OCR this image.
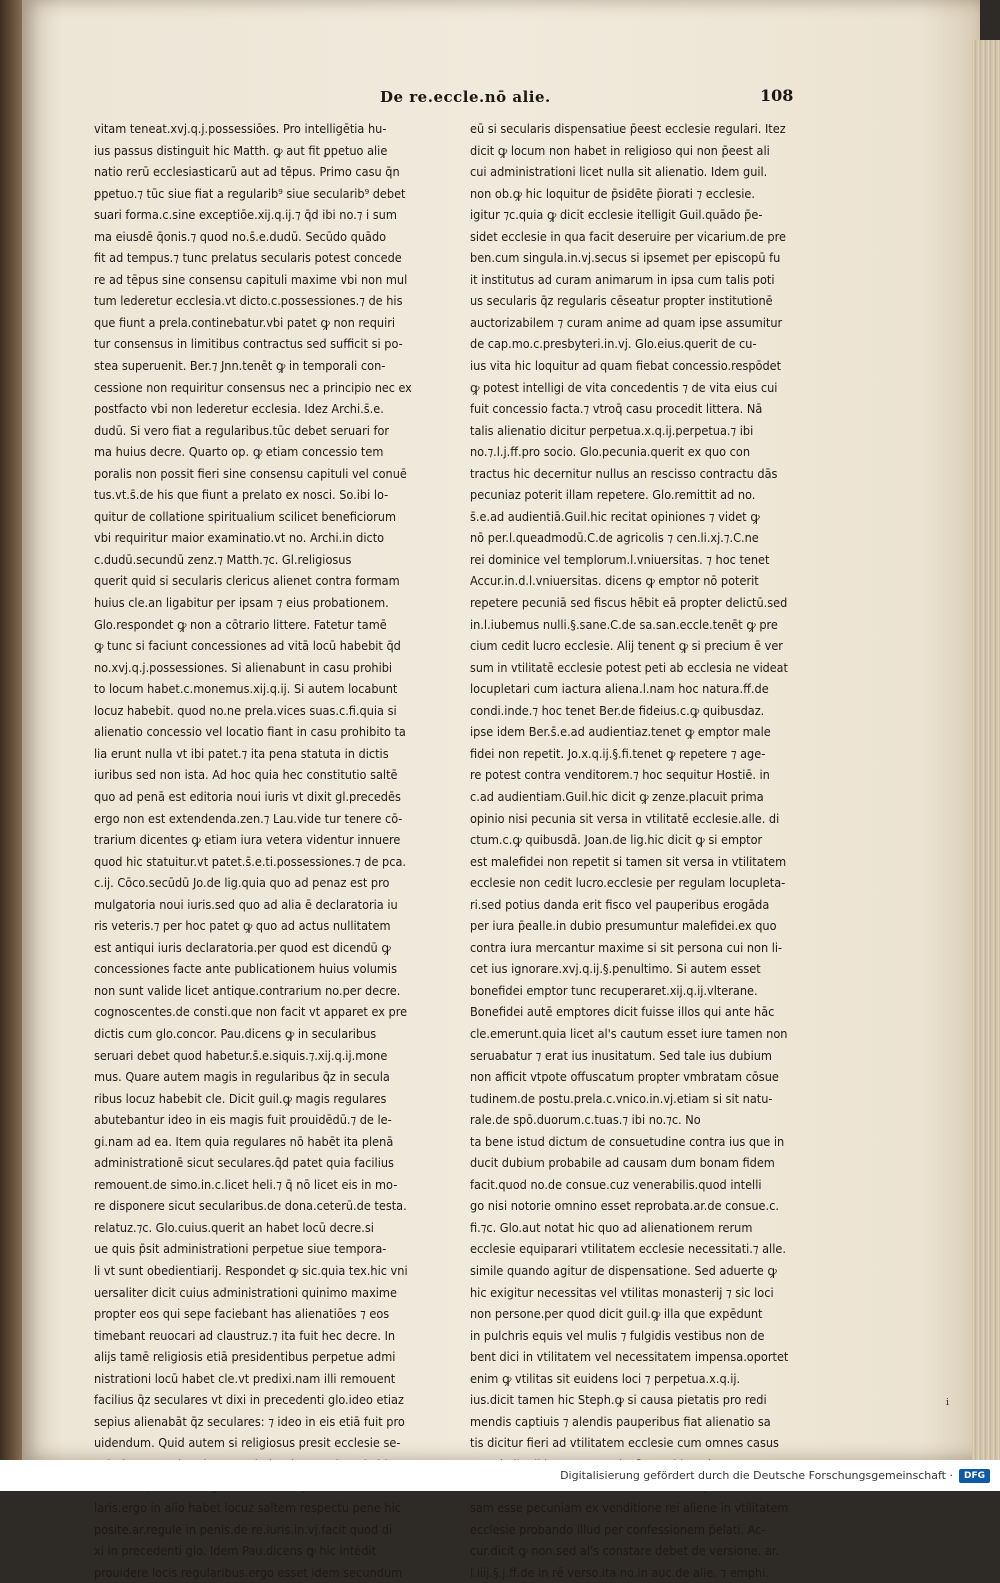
De re.eccle.nō alie.	108
vitam teneat.xvj.q.j.possessiōes. Pro intelligētia hu-
ius passus distinguit hic Matth. ꝙ aut fit ꝑpetuo alie
natio rerū ecclesiasticarū aut ad tēpus. Primo casu q̄n
ꝑpetuo.⁊ tūc siue fiat a regularib⁹ siue secularib⁹ debet
suari forma.c.sine exceptiōe.xij.q.ij.⁊ q̄d ibi no.⁊ i sum
ma eiusdē q̄onis.⁊ quod no.s̄.e.dudū. Secūdo quādo
fit ad tempus.⁊ tunc prelatus secularis potest concede
re ad tēpus sine consensu capituli maxime vbi non mul
tum lederetur ecclesia.vt dicto.c.possessiones.⁊ de his
que fiunt a prela.continebatur.vbi patet ꝙ non requiri
tur consensus in limitibus contractus sed sufficit si po-
stea superuenit. Ber.⁊ Jnn.tenēt ꝙ in temporali con-
cessione non requiritur consensus nec a principio nec ex
postfacto vbi non lederetur ecclesia. Idez Archi.s̄.e.
dudū. Si vero fiat a regularibus.tūc debet seruari for
ma huius decre. Quarto op. ꝙ etiam concessio tem
poralis non possit fieri sine consensu capituli vel conuē
tus.vt.s̄.de his que fiunt a prelato ex nosci. So.ibi lo-
quitur de collatione spiritualium scilicet beneficiorum
vbi requiritur maior examinatio.vt no. Archi.in dicto
c.dudū.secundū zenz.⁊ Matth.⁊c. Gl.religiosus
querit quid si secularis clericus alienet contra formam
huius cle.an ligabitur per ipsam ⁊ eius probationem.
Glo.respondet ꝙ non a cōtrario littere. Fatetur tamē
ꝙ tunc si faciunt concessiones ad vitā locū habebit q̄d
no.xvj.q.j.possessiones. Si alienabunt in casu prohibi
to locum habet.c.monemus.xij.q.ij. Si autem locabunt
locuz habebit. quod no.ne prela.vices suas.c.fi.quia si
alienatio concessio vel locatio fiant in casu prohibito ta
lia erunt nulla vt ibi patet.⁊ ita pena statuta in dictis
iuribus sed non ista. Ad hoc quia hec constitutio saltē
quo ad penā est editoria noui iuris vt dixit gl.precedēs
ergo non est extendenda.zen.⁊ Lau.vide tur tenere cō-
trarium dicentes ꝙ etiam iura vetera videntur innuere
quod hic statuitur.vt patet.s̄.e.ti.possessiones.⁊ de pca.
c.ij. Cōco.secūdū Jo.de lig.quia quo ad penaz est pro
mulgatoria noui iuris.sed quo ad alia ē declaratoria iu
ris veteris.⁊ per hoc patet ꝙ quo ad actus nullitatem
est antiqui iuris declaratoria.per quod est dicendū ꝙ
concessiones facte ante publicationem huius volumis
non sunt valide licet antique.contrarium no.per decre.
cognoscentes.de consti.que non facit vt apparet ex pre
dictis cum glo.concor. Pau.dicens ꝙ in secularibus
seruari debet quod habetur.s̄.e.siquis.⁊.xij.q.ij.mone
mus. Quare autem magis in regularibus q̄z in secula
ribus locuz habebit cle. Dicit guil.ꝙ magis regulares
abutebantur ideo in eis magis fuit prouidēdū.⁊ de le-
gi.nam ad ea. Item quia regulares nō habēt ita plenā
administrationē sicut seculares.q̄d patet quia facilius
remouent.de simo.in.c.licet heli.⁊ q̄ nō licet eis in mo-
re disponere sicut secularibus.de dona.ceterū.de testa.
relatuz.⁊c. Glo.cuius.querit an habet locū decre.si
ue quis p̄sit administrationi perpetue siue tempora-
li vt sunt obedientiarij. Respondet ꝙ sic.quia tex.hic vni
uersaliter dicit cuius administrationi quinimo maxime
propter eos qui sepe faciebant has alienatiōes ⁊ eos
timebant reuocari ad claustruz.⁊ ita fuit hec decre. In
alijs tamē religiosis etiā presidentibus perpetue admi
nistrationi locū habet cle.vt predixi.nam illi remouent
facilius q̄z seculares vt dixi in precedenti glo.ideo etiaz
sepius alienabāt q̄z seculares: ⁊ ideo in eis etiā fuit pro
uidendum. Quid autem si religiosus presit ecclesie se-
laris.ergo in alio habet locuz saltem respectu pene hic
posite.ar.regule in penis.de re.iuris.in.vj.facit quod di
xi in precedenti glo. Idem Pau.dicens ꝙ hic intēdit
prouidere locis regularibus.ergo esset idem secundum
eū si secularis dispensatiue p̄eest ecclesie regulari. Itez
dicit ꝙ locum non habet in religioso qui non p̄eest ali
cui administrationi licet nulla sit alienatio. Idem guil.
non ob.ꝙ hic loquitur de p̄sidēte p̄iorati ⁊ ecclesie.
igitur ⁊c.quia ꝙ dicit ecclesie itelligit Guil.quādo p̄e-
sidet ecclesie in qua facit deseruire per vicarium.de pre
ben.cum singula.in.vj.secus si ipsemet per episcopū fu
it institutus ad curam animarum in ipsa cum talis poti
us secularis q̄z regularis cēseatur propter institutionē
auctorizabilem ⁊ curam anime ad quam ipse assumitur
de cap.mo.c.presbyteri.in.vj. Glo.eius.querit de cu-
ius vita hic loquitur ad quam fiebat concessio.respōdet
ꝙ potest intelligi de vita concedentis ⁊ de vita eius cui
fuit concessio facta.⁊ vtroq̄ casu procedit littera. Nā
talis alienatio dicitur perpetua.x.q.ij.perpetua.⁊ ibi
no.⁊.l.j.ff.pro socio. Glo.pecunia.querit ex quo con
tractus hic decernitur nullus an rescisso contractu dās
pecuniaz poterit illam repetere. Glo.remittit ad no.
s̄.e.ad audientiā.Guil.hic recitat opiniones ⁊ videt ꝙ
nō per.l.queadmodū.C.de agricolis ⁊ cen.li.xj.⁊.C.ne
rei dominice vel templorum.l.vniuersitas. ⁊ hoc tenet
Accur.in.d.l.vniuersitas. dicens ꝙ emptor nō poterit
repetere pecuniā sed fiscus hēbit eā propter delictū.sed
in.l.iubemus nulli.§.sane.C.de sa.san.eccle.tenēt ꝙ pre
cium cedit lucro ecclesie. Alij tenent ꝙ si precium ē ver
sum in vtilitatē ecclesie potest peti ab ecclesia ne videat
locupletari cum iactura aliena.l.nam hoc natura.ff.de
condi.inde.⁊ hoc tenet Ber.de fideius.c.ꝙ quibusdaz.
ipse idem Ber.s̄.e.ad audientiaz.tenet ꝙ emptor male
fidei non repetit. Jo.x.q.ij.§.fi.tenet ꝙ repetere ⁊ age-
re potest contra venditorem.⁊ hoc sequitur Hostiē. in
c.ad audientiam.Guil.hic dicit ꝙ zenze.placuit prima
opinio nisi pecunia sit versa in vtilitatē ecclesie.alle. di
ctum.c.ꝙ quibusdā. Joan.de lig.hic dicit ꝙ si emptor
est malefidei non repetit si tamen sit versa in vtilitatem
ecclesie non cedit lucro.ecclesie per regulam locupleta-
ri.sed potius danda erit fisco vel pauperibus erogāda
per iura p̄ealle.in dubio presumuntur malefidei.ex quo
contra iura mercantur maxime si sit persona cui non li-
cet ius ignorare.xvj.q.ij.§.penultimo. Si autem esset
bonefidei emptor tunc recuperaret.xij.q.ij.vlterane.
Bonefidei autē emptores dicit fuisse illos qui ante hāc
cle.emerunt.quia licet al's cautum esset iure tamen non
seruabatur ⁊ erat ius inusitatum. Sed tale ius dubium
non afficit vtpote offuscatum propter vmbratam cōsue
tudinem.de postu.prela.c.vnico.in.vj.etiam si sit natu-
rale.de spō.duorum.c.tuas.⁊ ibi no.⁊c. No
ta bene istud dictum de consuetudine contra ius que in
ducit dubium probabile ad causam dum bonam fidem
facit.quod no.de consue.cuz venerabilis.quod intelli
go nisi notorie omnino esset reprobata.ar.de consue.c.
fi.⁊c. Glo.aut notat hic quo ad alienationem rerum
ecclesie equiparari vtilitatem ecclesie necessitati.⁊ alle.
simile quando agitur de dispensatione. Sed aduerte ꝙ
hic exigitur necessitas vel vtilitas monasterij ⁊ sic loci
non persone.per quod dicit guil.ꝙ illa que expēdunt
in pulchris equis vel mulis ⁊ fulgidis vestibus non de
bent dici in vtilitatem vel necessitatem impensa.oportet
enim ꝙ vtilitas sit euidens loci ⁊ perpetua.x.q.ij.
ius.dicit tamen hic Steph.ꝙ si causa pietatis pro redi
mendis captiuis ⁊ alendis pauperibus fiat alienatio sa
tis dicitur fieri ad vtilitatem ecclesie cum omnes casus
sam esse pecuniam ex venditione rei aliene in vtilitatem
ecclesie probando illud per confessionem p̄elati. Ac-
cur.dicit ꝙ non.sed al's constare debet de versione. ar.
l.iiij.§.j.ff.de in rē verso.ita no.in auc.de alie. ⁊ emphi.
i
Digitalisierung gefördert durch die Deutsche Forschungsgemeinschaft ·	DFG
